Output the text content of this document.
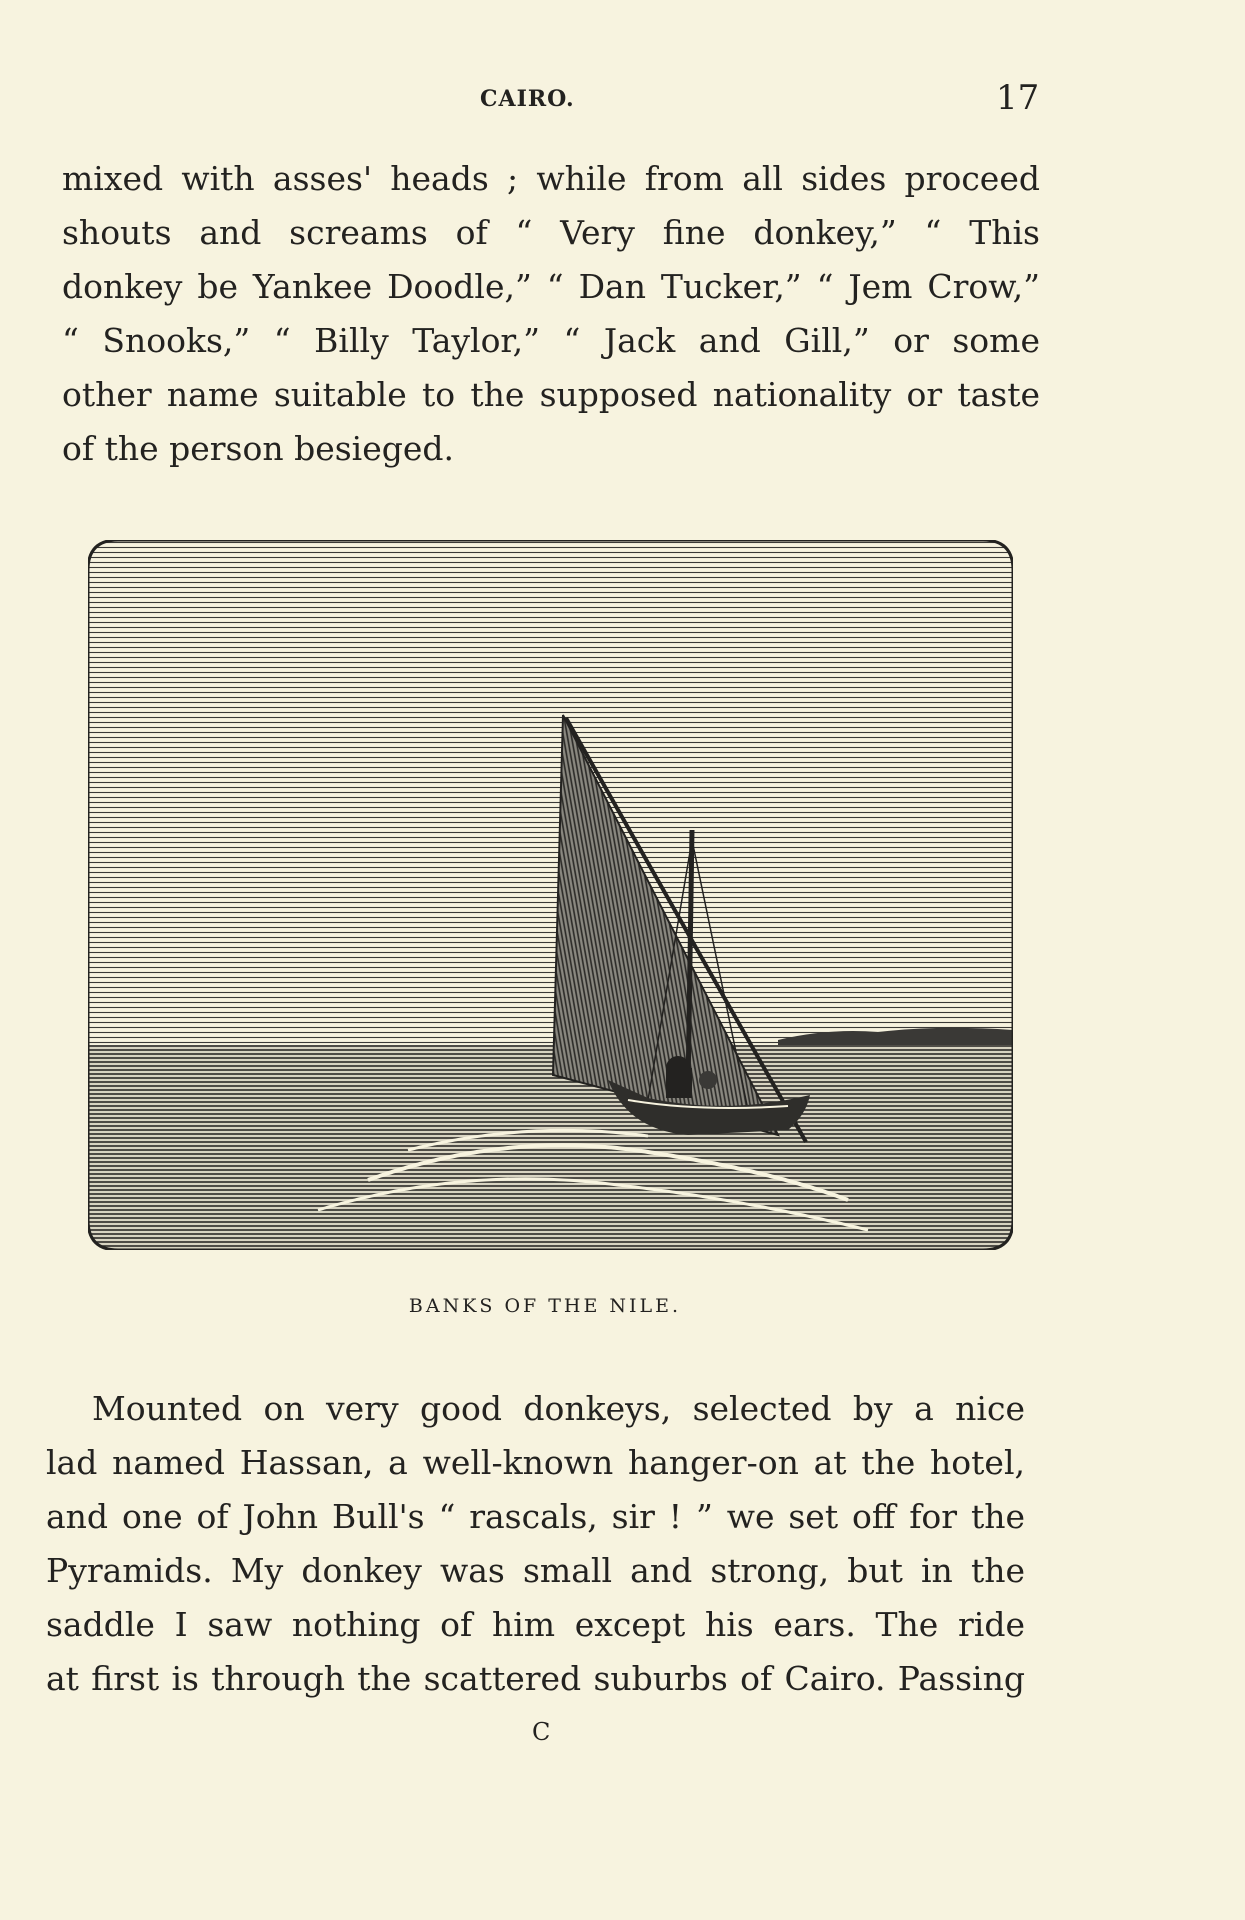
CAIRO.	17
mixed with asses' heads ; while from all sides proceed
shouts and screams of “ Very fine donkey,” “ This
donkey be Yankee Doodle,” “ Dan Tucker,” “ Jem Crow,”
“ Snooks,” “ Billy Taylor,” “ Jack and Gill,” or some
other name suitable to the supposed nationality or taste
of the person besieged.
BANKS OF THE NILE.
Mounted on very good donkeys, selected by a nice
lad named Hassan, a well-known hanger-on at the hotel,
and one of John Bull's “ rascals, sir ! ” we set off for the
Pyramids. My donkey was small and strong, but in the
saddle I saw nothing of him except his ears. The ride
at first is through the scattered suburbs of Cairo. Passing
C
